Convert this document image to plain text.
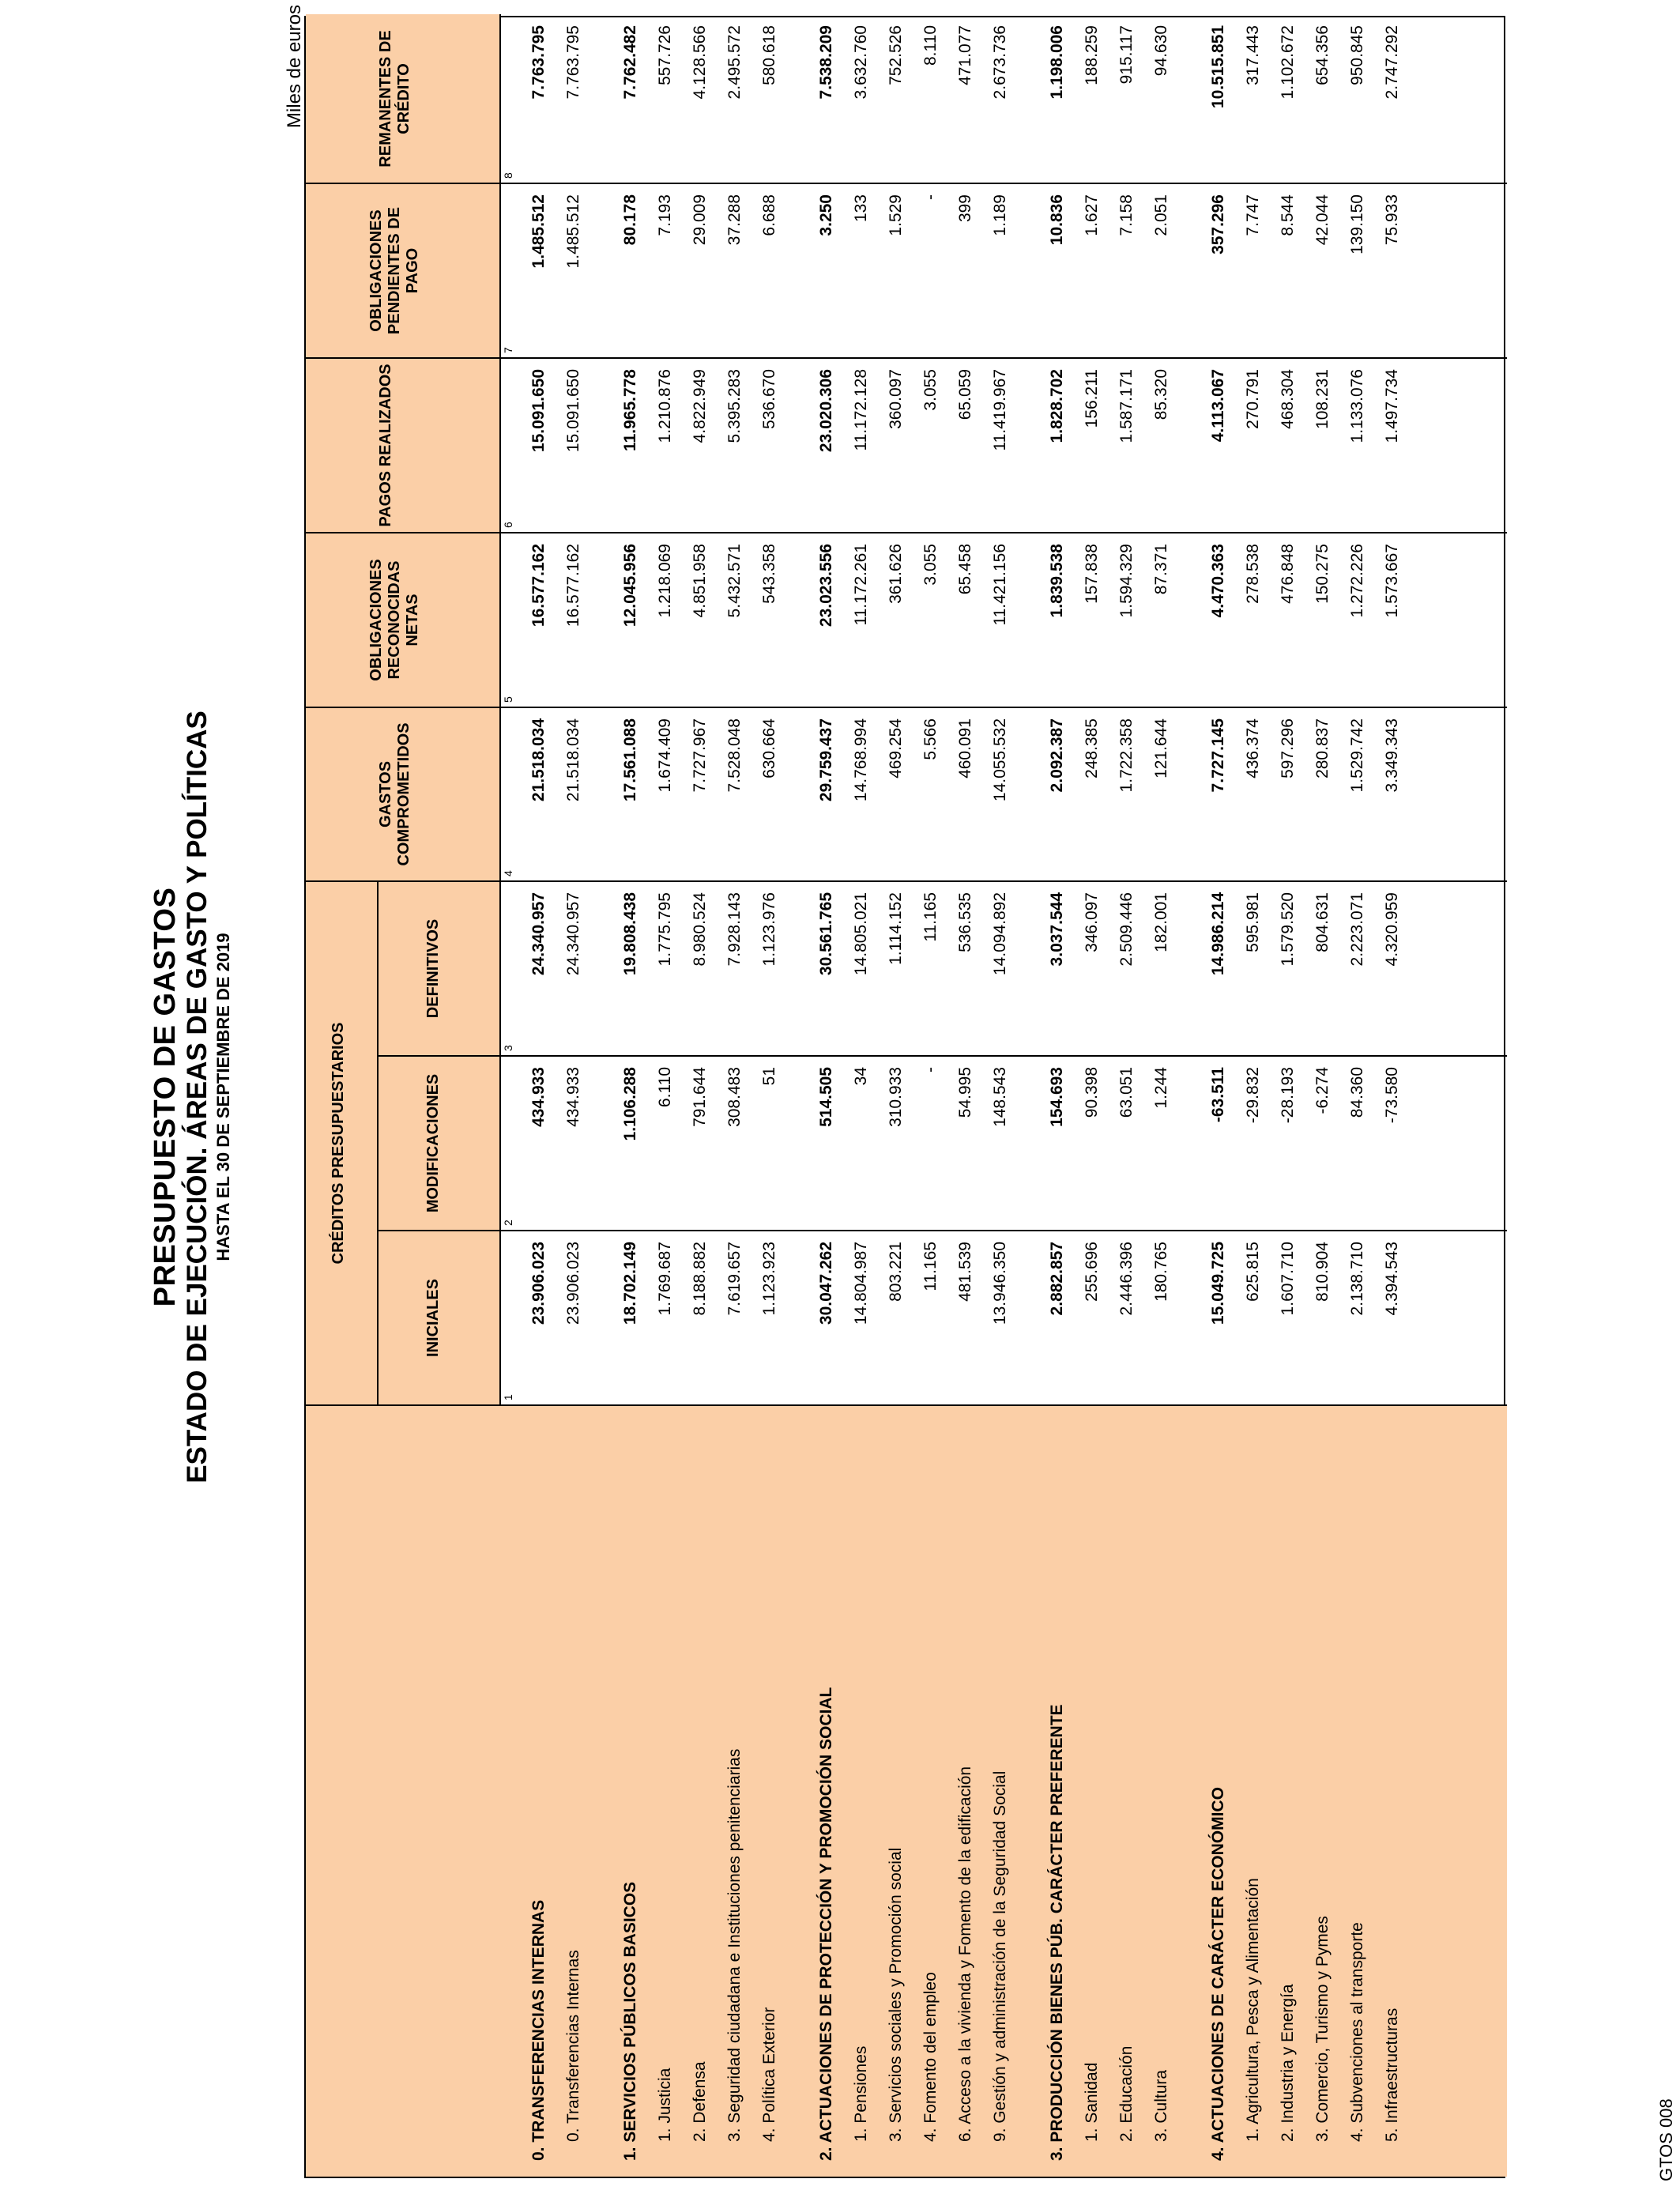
PRESUPUESTO DE GASTOS ESTADO DE EJECUCIÓN. ÁREAS DE GASTO Y POLÍTICAS HASTA EL 30 DE SEPTIEMBRE DE 2019
Miles de euros
CRÉDITOS PRESUPUESTARIOS
INICIALES
MODIFICACIONES
DEFINITIVOS
GASTOS COMPROMETIDOS
OBLIGACIONES RECONOCIDAS NETAS
PAGOS REALIZADOS
OBLIGACIONES PENDIENTES DE PAGO
REMANENTES DE CRÉDITO
1
2
3
4
5
6
7
8
0. TRANSFERENCIAS INTERNAS
23.906.023
434.933
24.340.957
21.518.034
16.577.162
15.091.650
1.485.512
7.763.795
0. Transferencias Internas
23.906.023
434.933
24.340.957
21.518.034
16.577.162
15.091.650
1.485.512
7.763.795
1. SERVICIOS PÚBLICOS BASICOS
18.702.149
1.106.288
19.808.438
17.561.088
12.045.956
11.965.778
80.178
7.762.482
1. Justicia
1.769.687
6.110
1.775.795
1.674.409
1.218.069
1.210.876
7.193
557.726
2. Defensa
8.188.882
791.644
8.980.524
7.727.967
4.851.958
4.822.949
29.009
4.128.566
3. Seguridad ciudadana e Instituciones penitenciarias
7.619.657
308.483
7.928.143
7.528.048
5.432.571
5.395.283
37.288
2.495.572
4. Política Exterior
1.123.923
51
1.123.976
630.664
543.358
536.670
6.688
580.618
2. ACTUACIONES DE PROTECCIÓN Y PROMOCIÓN SOCIAL
30.047.262
514.505
30.561.765
29.759.437
23.023.556
23.020.306
3.250
7.538.209
1. Pensiones
14.804.987
34
14.805.021
14.768.994
11.172.261
11.172.128
133
3.632.760
3. Servicios sociales y Promoción social
803.221
310.933
1.114.152
469.254
361.626
360.097
1.529
752.526
4. Fomento del empleo
11.165
-
11.165
5.566
3.055
3.055
-
8.110
6. Acceso a la vivienda y Fomento de la edificación
481.539
54.995
536.535
460.091
65.458
65.059
399
471.077
9. Gestión y administración de la Seguridad Social
13.946.350
148.543
14.094.892
14.055.532
11.421.156
11.419.967
1.189
2.673.736
3. PRODUCCIÓN BIENES PÚB. CARÁCTER PREFERENTE
2.882.857
154.693
3.037.544
2.092.387
1.839.538
1.828.702
10.836
1.198.006
1. Sanidad
255.696
90.398
346.097
248.385
157.838
156.211
1.627
188.259
2. Educación
2.446.396
63.051
2.509.446
1.722.358
1.594.329
1.587.171
7.158
915.117
3. Cultura
180.765
1.244
182.001
121.644
87.371
85.320
2.051
94.630
4. ACTUACIONES DE CARÁCTER ECONÓMICO
15.049.725
-63.511
14.986.214
7.727.145
4.470.363
4.113.067
357.296
10.515.851
1. Agricultura, Pesca y Alimentación
625.815
-29.832
595.981
436.374
278.538
270.791
7.747
317.443
2. Industria y Energía
1.607.710
-28.193
1.579.520
597.296
476.848
468.304
8.544
1.102.672
3. Comercio, Turismo y Pymes
810.904
-6.274
804.631
280.837
150.275
108.231
42.044
654.356
4. Subvenciones al transporte
2.138.710
84.360
2.223.071
1.529.742
1.272.226
1.133.076
139.150
950.845
5. Infraestructuras
4.394.543
-73.580
4.320.959
3.349.343
1.573.667
1.497.734
75.933
2.747.292
GTOS 008
